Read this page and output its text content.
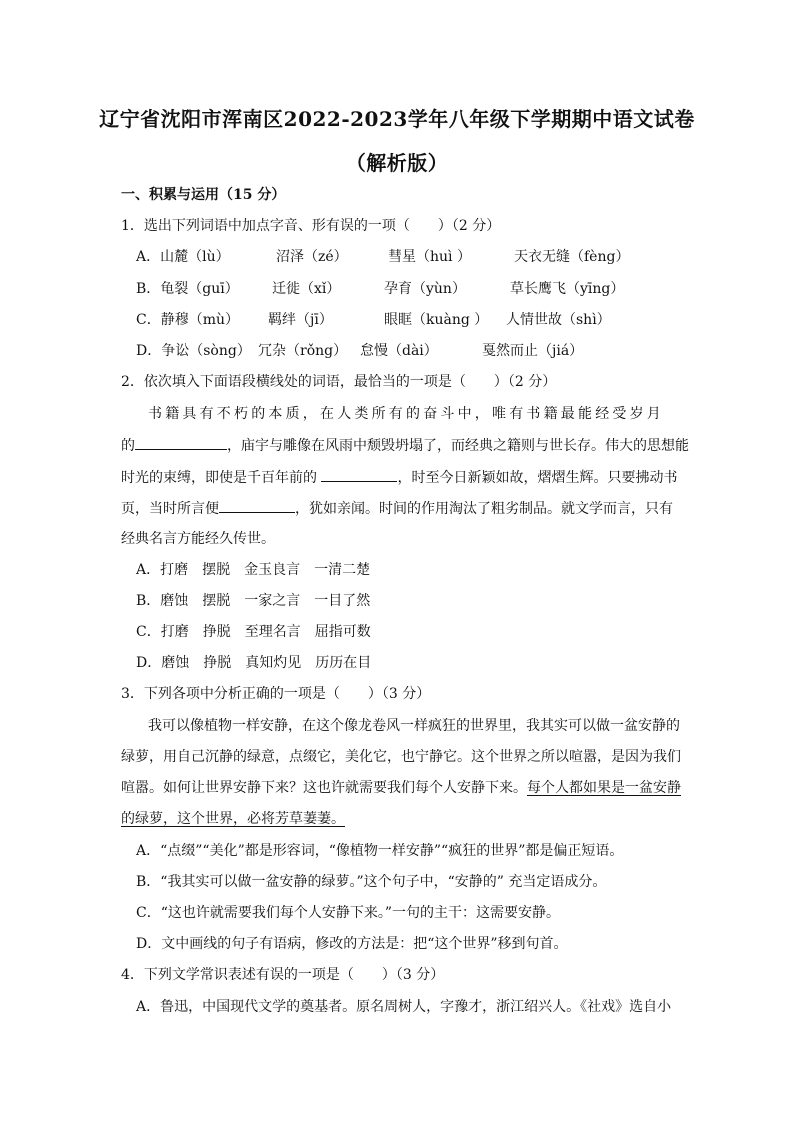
辽宁省沈阳市浑南区2022-2023学年八年级下学期期中语文试卷
（解析版）
一、积累与运用（15 分）
1．选出下列词语中加点字音、形有误的一项（　　）（2 分）
A．山麓（lù）	沼泽（zé）	彗星（huì ）	天衣无缝（fèng）
B．龟裂（guī） 迁徙（xǐ）	孕育（yùn）	草长鹰飞（yīng）
C．静穆（mù） 羁绊（jī）	眼眶（kuàng ） 人情世故（shì）
D．争讼（sòng） 冗杂（rǒng） 怠慢（dài）	戛然而止（jiá）
2．依次填入下面语段横线处的词语，最恰当的一项是（　　）（2 分）
书籍具有不朽的本质，在人类所有的奋斗中，唯有书籍最能经受岁月
的	，庙宇与雕像在风雨中颓毁坍塌了，而经典之籍则与世长存。伟大的思想能
时光的束缚，即使是千百年前的	，时至今日新颖如故，熠熠生辉。只要拂动书
页，当时所言便	，犹如亲闻。时间的作用淘汰了粗劣制品。就文学而言，只有
经典名言方能经久传世。
A．打磨　摆脱　金玉良言　一清二楚
B．磨蚀　摆脱　一家之言　一目了然
C．打磨　挣脱　至理名言　屈指可数
D．磨蚀　挣脱　真知灼见　历历在目
3．下列各项中分析正确的一项是（　　）（3 分）
我可以像植物一样安静，在这个像龙卷风一样疯狂的世界里，我其实可以做一盆安静的
绿萝，用自己沉静的绿意，点缀它，美化它，也宁静它。这个世界之所以喧嚣，是因为我们
喧嚣。如何让世界安静下来？这也许就需要我们每个人安静下来。每个人都如果是一盆安静
的绿萝，这个世界，必将芳草萋萋。
A．“点缀”“美化”都是形容词，“像植物一样安静”“疯狂的世界”都是偏正短语。
B．“我其实可以做一盆安静的绿萝。”这个句子中，“安静的” 充当定语成分。
C．“这也许就需要我们每个人安静下来。”一句的主干：这需要安静。
D．文中画线的句子有语病，修改的方法是：把“这个世界”移到句首。
4．下列文学常识表述有误的一项是（　　）（3 分）
A．鲁迅，中国现代文学的奠基者。原名周树人，字豫才，浙江绍兴人。《社戏》选自小
